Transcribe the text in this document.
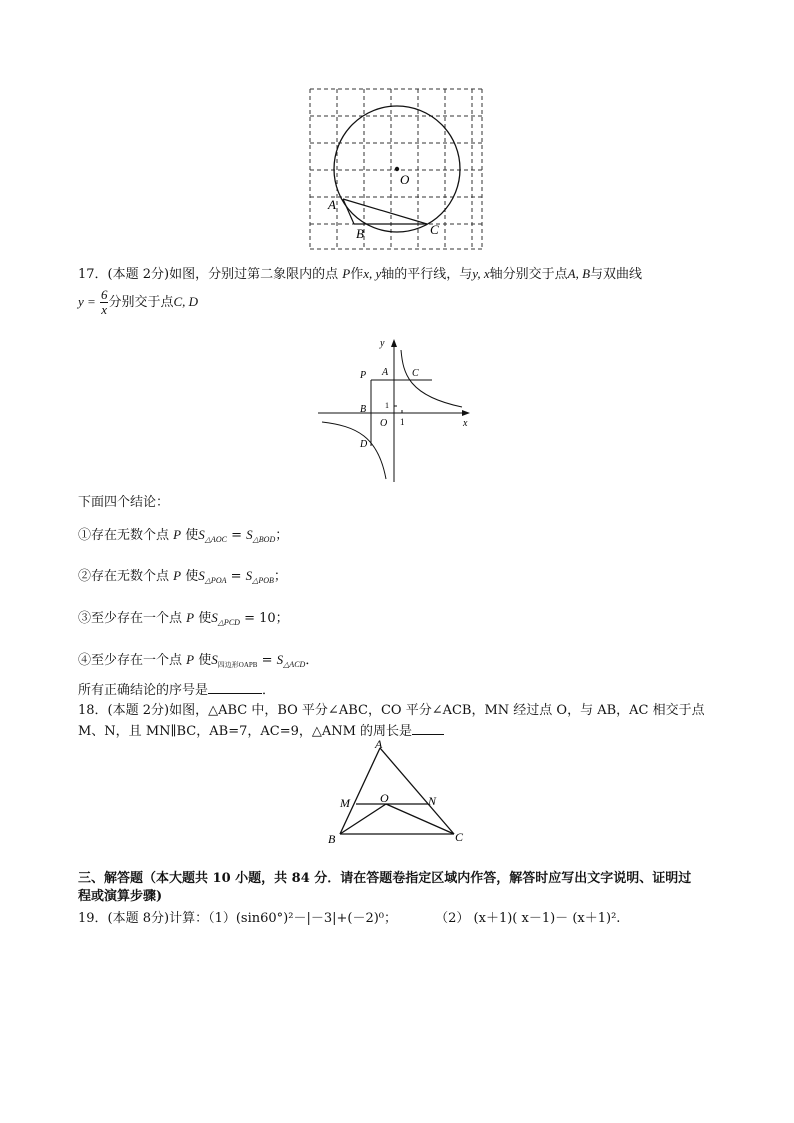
O
A
B	C
17．(本题 2分)如图，分别过第二象限内的点 P作x, y轴的平行线，与y, x轴分别交于点A, B与双曲线
$y = \frac{6}{x}$ 分别交于点C, D
y
x
P A C
B
O
1
1
D
下面四个结论：
①存在无数个点 P 使$S_{\triangle AOC} = S_{\triangle BOD}$；
②存在无数个点 P 使$S_{\triangle POA} = S_{\triangle POB}$；
③至少存在一个点 P 使$S_{\triangle PCD} = 10$；
④至少存在一个点 P 使$S_{四边形OAPB} = S_{\triangle ACD}$．
所有正确结论的序号是	．
18．(本题 2分)如图，△ABC 中，BO 平分∠ABC，CO 平分∠ACB，MN 经过点 O，与 AB，AC 相交于点
M、N，且 MN∥BC，AB=7，AC=9，△ANM 的周长是
A
M	O	N
B	C
三、解答题（本大题共 10 小题，共 84 分．请在答题卷指定区域内作答，解答时应写出文字说明、证明过
程或演算步骤)
19．(本题 8分)计算：（1）(sin60°)²－|－3|+(－2)⁰；	（2） (x＋1)( x－1)－ (x＋1)².
